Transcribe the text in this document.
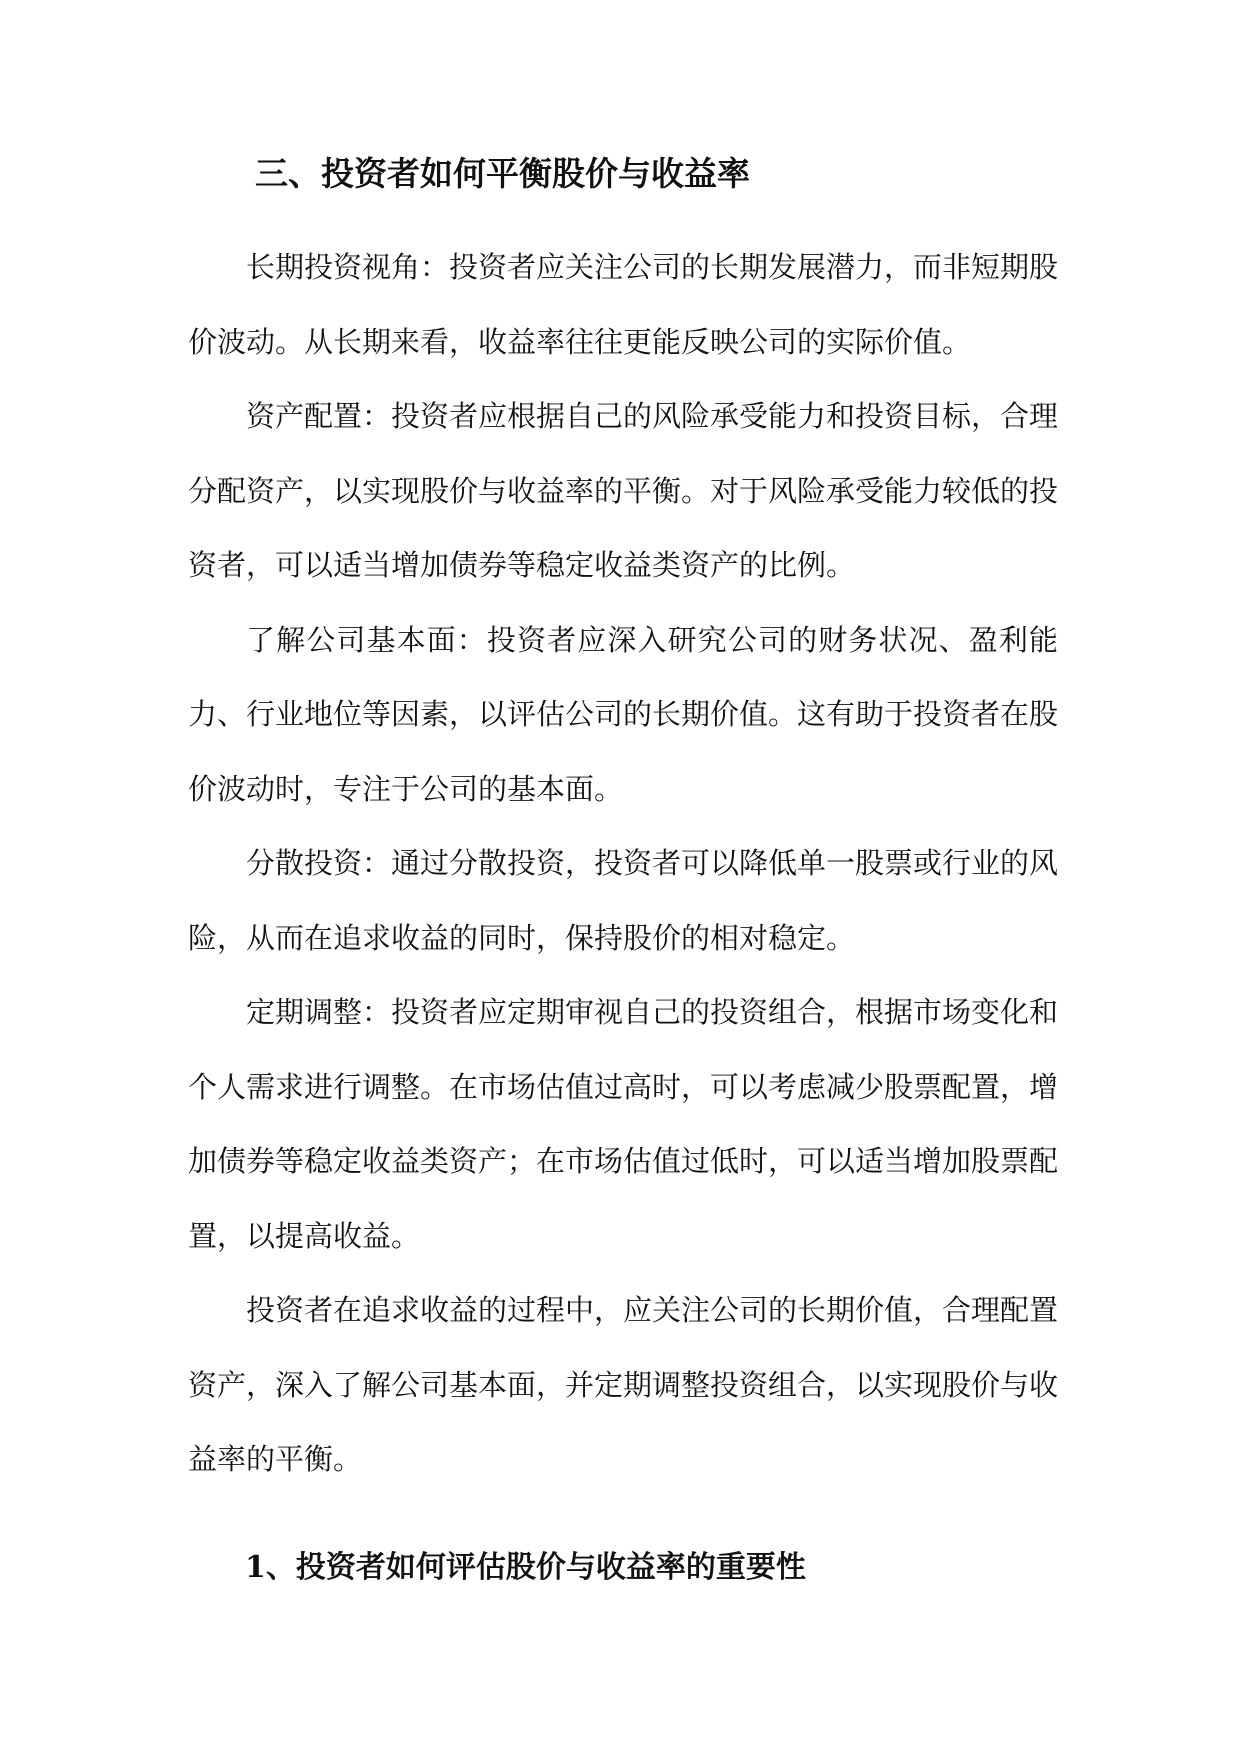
三、投资者如何平衡股价与收益率

长期投资视角：投资者应关注公司的长期发展潜力，而非短期股价波动。从长期来看，收益率往往更能反映公司的实际价值。

资产配置：投资者应根据自己的风险承受能力和投资目标，合理分配资产，以实现股价与收益率的平衡。对于风险承受能力较低的投资者，可以适当增加债券等稳定收益类资产的比例。

了解公司基本面：投资者应深入研究公司的财务状况、盈利能力、行业地位等因素，以评估公司的长期价值。这有助于投资者在股价波动时，专注于公司的基本面。

分散投资：通过分散投资，投资者可以降低单一股票或行业的风险，从而在追求收益的同时，保持股价的相对稳定。

定期调整：投资者应定期审视自己的投资组合，根据市场变化和个人需求进行调整。在市场估值过高时，可以考虑减少股票配置，增加债券等稳定收益类资产；在市场估值过低时，可以适当增加股票配置，以提高收益。

投资者在追求收益的过程中，应关注公司的长期价值，合理配置资产，深入了解公司基本面，并定期调整投资组合，以实现股价与收益率的平衡。

1、投资者如何评估股价与收益率的重要性
